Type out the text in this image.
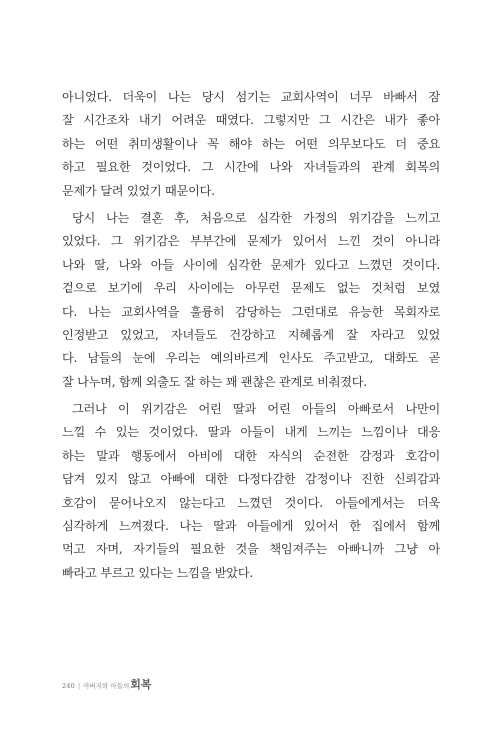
아니었다. 더욱이 나는 당시 섬기는 교회사역이 너무 바빠서 잠
잘 시간조차 내기 어려운 때였다. 그렇지만 그 시간은 내가 좋아
하는 어떤 취미생활이나 꼭 해야 하는 어떤 의무보다도 더 중요
하고 필요한 것이었다. 그 시간에 나와 자녀들과의 관계 회복의
문제가 달려 있었기 때문이다.
당시 나는 결혼 후, 처음으로 심각한 가정의 위기감을 느끼고
있었다. 그 위기감은 부부간에 문제가 있어서 느낀 것이 아니라
나와 딸, 나와 아들 사이에 심각한 문제가 있다고 느꼈던 것이다.
겉으로 보기에 우리 사이에는 아무런 문제도 없는 것처럼 보였
다. 나는 교회사역을 훌륭히 감당하는 그런대로 유능한 목회자로
인정받고 있었고, 자녀들도 건강하고 지혜롭게 잘 자라고 있었
다. 남들의 눈에 우리는 예의바르게 인사도 주고받고, 대화도 곧
잘 나누며, 함께 외출도 잘 하는 꽤 괜찮은 관계로 비춰졌다.
그러나 이 위기감은 어린 딸과 어린 아들의 아빠로서 나만이
느낄 수 있는 것이었다. 딸과 아들이 내게 느끼는 느낌이나 대응
하는 말과 행동에서 아비에 대한 자식의 순전한 감정과 호감이
담겨 있지 않고 아빠에 대한 다정다감한 감정이나 진한 신뢰감과
호감이 묻어나오지 않는다고 느꼈던 것이다. 아들에게서는 더욱
심각하게 느껴졌다. 나는 딸과 아들에게 있어서 한 집에서 함께
먹고 자며, 자기들의 필요한 것을 책임져주는 아빠니까 그냥 아
빠라고 부르고 있다는 느낌을 받았다.
240 | 아버지와 아들의 회복
